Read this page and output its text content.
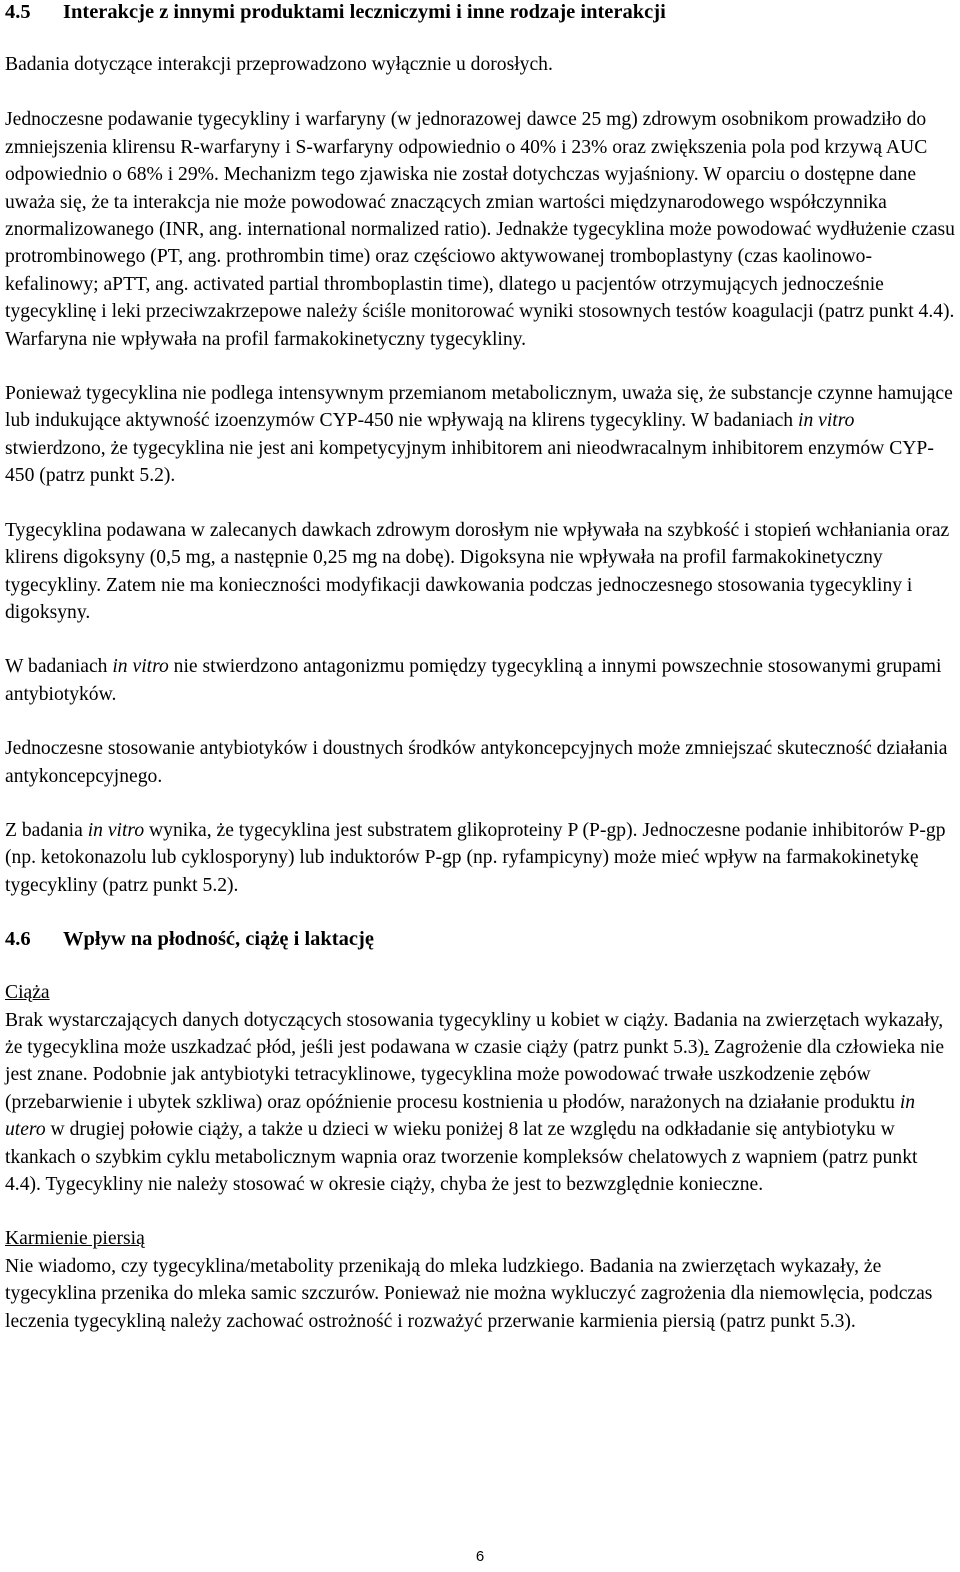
4.5	Interakcje z innymi produktami leczniczymi i inne rodzaje interakcji

Badania dotyczące interakcji przeprowadzono wyłącznie u dorosłych.

Jednoczesne podawanie tygecykliny i warfaryny (w jednorazowej dawce 25 mg) zdrowym osobnikom prowadziło do zmniejszenia klirensu R-warfaryny i S-warfaryny odpowiednio o 40% i 23% oraz zwiększenia pola pod krzywą AUC odpowiednio o 68% i 29%. Mechanizm tego zjawiska nie został dotychczas wyjaśniony. W oparciu o dostępne dane uważa się, że ta interakcja nie może powodować znaczących zmian wartości międzynarodowego współczynnika znormalizowanego (INR, ang. international normalized ratio). Jednakże tygecyklina może powodować wydłużenie czasu protrombinowego (PT, ang. prothrombin time) oraz częściowo aktywowanej tromboplastyny (czas kaolinowo-kefalinowy; aPTT, ang. activated partial thromboplastin time), dlatego u pacjentów otrzymujących jednocześnie tygecyklinę i leki przeciwzakrzepowe należy ściśle monitorować wyniki stosownych testów koagulacji (patrz punkt 4.4). Warfaryna nie wpływała na profil farmakokinetyczny tygecykliny.

Ponieważ tygecyklina nie podlega intensywnym przemianom metabolicznym, uważa się, że substancje czynne hamujące lub indukujące aktywność izoenzymów CYP-450 nie wpływają na klirens tygecykliny. W badaniach in vitro stwierdzono, że tygecyklina nie jest ani kompetycyjnym inhibitorem ani nieodwracalnym inhibitorem enzymów CYP-450 (patrz punkt 5.2).

Tygecyklina podawana w zalecanych dawkach zdrowym dorosłym nie wpływała na szybkość i stopień wchłaniania oraz klirens digoksyny (0,5 mg, a następnie 0,25 mg na dobę). Digoksyna nie wpływała na profil farmakokinetyczny tygecykliny. Zatem nie ma konieczności modyfikacji dawkowania podczas jednoczesnego stosowania tygecykliny i digoksyny.

W badaniach in vitro nie stwierdzono antagonizmu pomiędzy tygecykliną a innymi powszechnie stosowanymi grupami antybiotyków.

Jednoczesne stosowanie antybiotyków i doustnych środków antykoncepcyjnych może zmniejszać skuteczność działania antykoncepcyjnego.

Z badania in vitro wynika, że tygecyklina jest substratem glikoproteiny P (P-gp). Jednoczesne podanie inhibitorów P-gp (np. ketokonazolu lub cyklosporyny) lub induktorów P-gp (np. ryfampicyny) może mieć wpływ na farmakokinetykę tygecykliny (patrz punkt 5.2).

4.6	Wpływ na płodność, ciążę i laktację
Ciąża

Brak wystarczających danych dotyczących stosowania tygecykliny u kobiet w ciąży. Badania na zwierzętach wykazały, że tygecyklina może uszkadzać płód, jeśli jest podawana w czasie ciąży (patrz punkt 5.3). Zagrożenie dla człowieka nie jest znane. Podobnie jak antybiotyki tetracyklinowe, tygecyklina może powodować trwałe uszkodzenie zębów (przebarwienie i ubytek szkliwa) oraz opóźnienie procesu kostnienia u płodów, narażonych na działanie produktu in utero w drugiej połowie ciąży, a także u dzieci w wieku poniżej 8 lat ze względu na odkładanie się antybiotyku w tkankach o szybkim cyklu metabolicznym wapnia oraz tworzenie kompleksów chelatowych z wapniem (patrz punkt 4.4). Tygecykliny nie należy stosować w okresie ciąży, chyba że jest to bezwzględnie konieczne.

Karmienie piersią

Nie wiadomo, czy tygecyklina/metabolity przenikają do mleka ludzkiego. Badania na zwierzętach wykazały, że tygecyklina przenika do mleka samic szczurów. Ponieważ nie można wykluczyć zagrożenia dla niemowlęcia, podczas leczenia tygecykliną należy zachować ostrożność i rozważyć przerwanie karmienia piersią (patrz punkt 5.3).

6
